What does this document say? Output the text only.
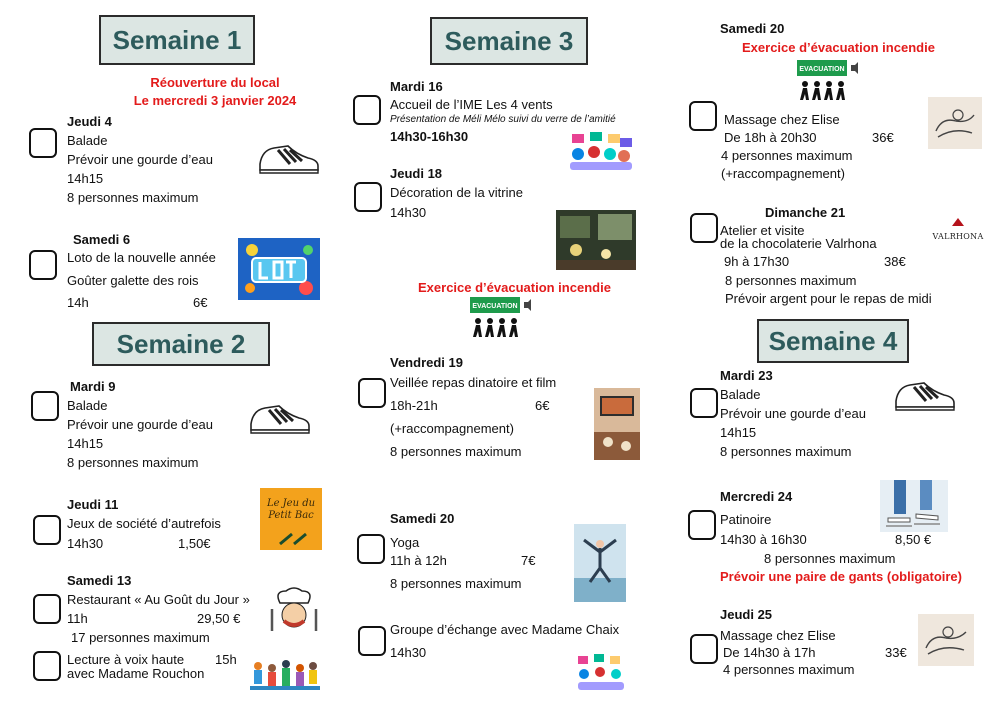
Semaine 1
Réouverture du local
Le mercredi 3 janvier 2024
Jeudi 4
Balade
Prévoir une gourde d’eau
14h15
8 personnes maximum
Samedi 6
Loto de la nouvelle année
Goûter galette des rois
14h	6€
Semaine 2
Mardi 9
Balade
Prévoir une gourde d’eau
14h15
8 personnes maximum
Jeudi 11
Jeux de société d’autrefois
14h30	1,50€
Le Jeu du Petit Bac
Samedi 13
Restaurant « Au Goût du Jour »
11h	29,50 €
17 personnes maximum
Lecture à voix haute 15h
avec Madame Rouchon
Semaine 3
Mardi 16
Accueil de l’IME Les 4 vents
Présentation de Méli Mélo suivi du verre de l’amitié
14h30-16h30
Jeudi 18
Décoration de la vitrine
14h30
Exercice d’évacuation incendie
EVACUATION
Vendredi 19
Veillée repas dinatoire et film
18h-21h	6€
(+raccompagnement)
8 personnes maximum
Samedi 20
Yoga
11h à 12h	7€
8 personnes maximum
Groupe d’échange avec Madame Chaix
14h30
Samedi 20
Exercice d’évacuation incendie
EVACUATION
Massage chez Elise
De 18h à 20h30	36€
4 personnes maximum
(+raccompagnement)
Dimanche 21
Atelier et visite
de la chocolaterie Valrhona
9h à 17h30	38€
8 personnes maximum
Prévoir argent pour le repas de midi
VALRHONA
Semaine 4
Mardi 23
Balade
Prévoir une gourde d’eau
14h15
8 personnes maximum
Mercredi 24
Patinoire
14h30 à 16h30	8,50 €
8 personnes maximum
Prévoir une paire de gants (obligatoire)
Jeudi 25
Massage chez Elise
De 14h30 à 17h	33€
4 personnes maximum
